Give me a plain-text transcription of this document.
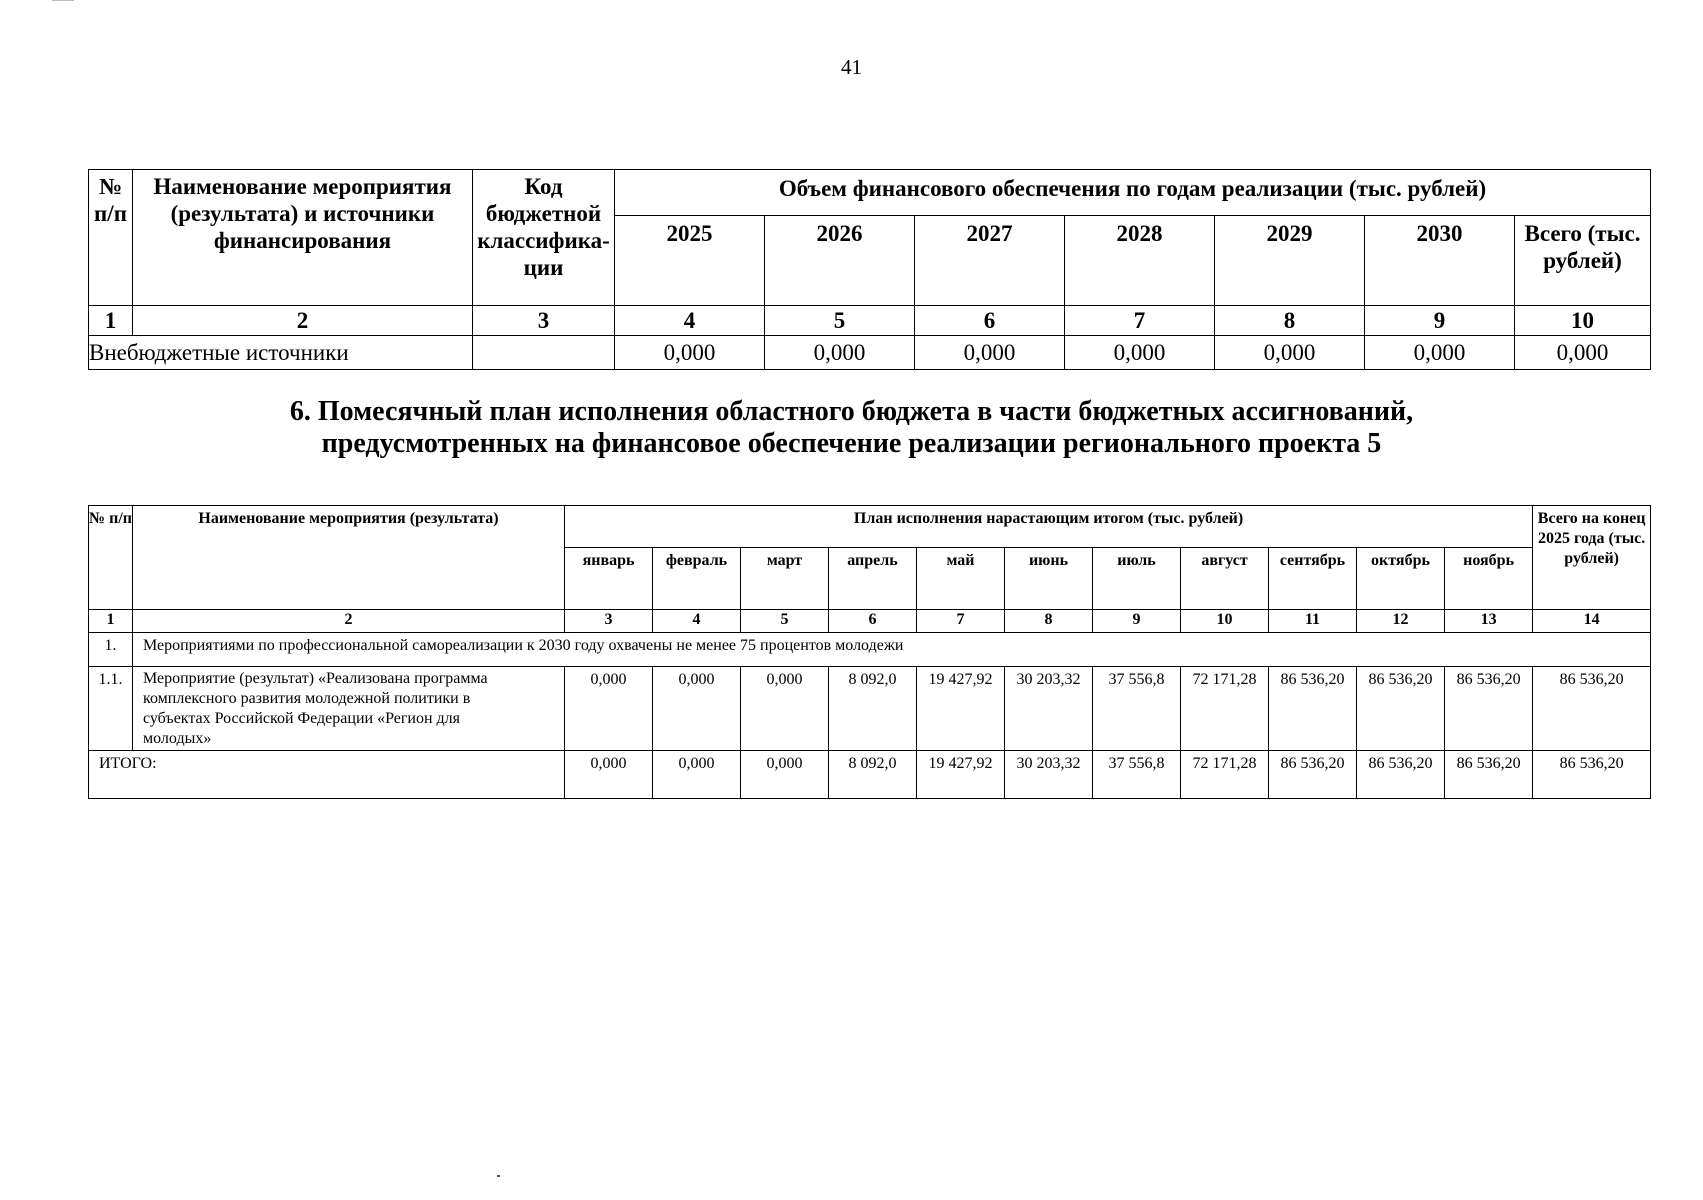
41
№ п/п	Наименование мероприятия (результата) и источники финансирования	Код бюджетной классифика-ции	Объем финансового обеспечения по годам реализации (тыс. рублей)						
			2025	2026	2027	2028	2029	2030	Всего (тыс. рублей)
1	2	3	4	5	6	7	8	9	10
Внебюджетные источники			0,000	0,000	0,000	0,000	0,000	0,000	0,000
6. Помесячный план исполнения областного бюджета в части бюджетных ассигнований,
предусмотренных на финансовое обеспечение реализации регионального проекта 5
№ п/п	Наименование мероприятия (результата)	План исполнения нарастающим итогом (тыс. рублей)											Всего на конец 2025 года (тыс. рублей)
		январь	февраль	март	апрель	май	июнь	июль	август	сентябрь	октябрь	ноябрь	
1	2	3	4	5	6	7	8	9	10	11	12	13	14
1.	Мероприятиями по профессиональной самореализации к 2030 году охвачены не менее 75 процентов молодежи												
1.1.	Мероприятие (результат) «Реализована программа комплексного развития молодежной политики в субъектах Российской Федерации «Регион для молодых»	0,000	0,000	0,000	8 092,0	19 427,92	30 203,32	37 556,8	72 171,28	86 536,20	86 536,20	86 536,20	86 536,20
ИТОГО:		0,000	0,000	0,000	8 092,0	19 427,92	30 203,32	37 556,8	72 171,28	86 536,20	86 536,20	86 536,20	86 536,20
